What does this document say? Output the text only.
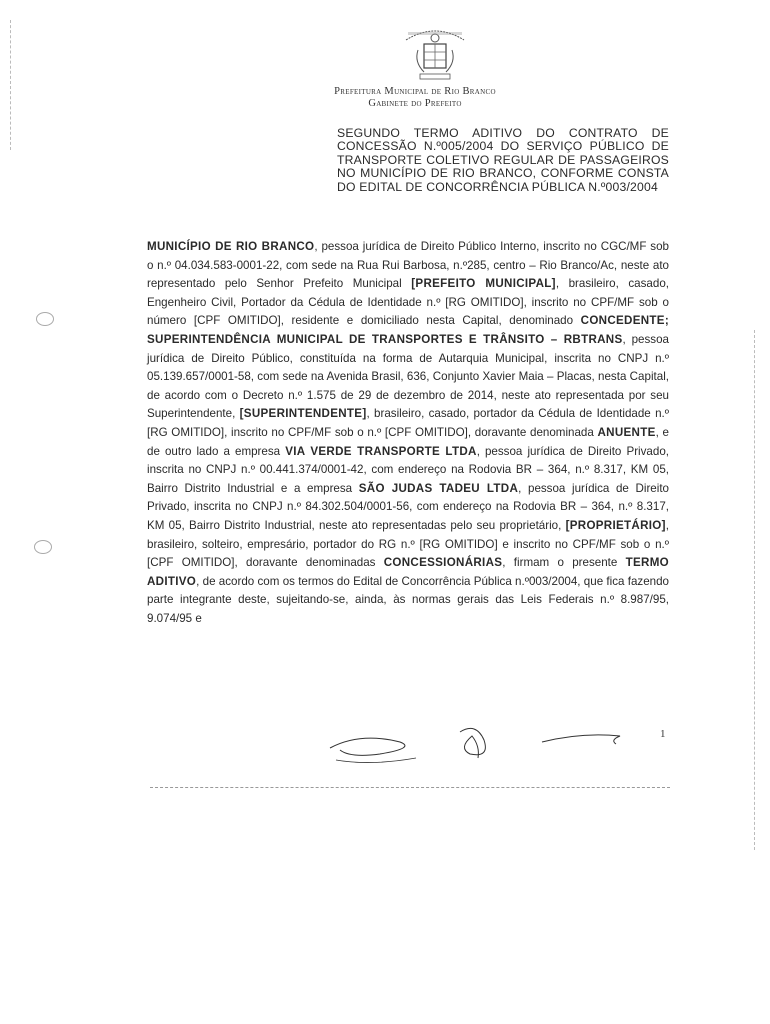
Prefeitura Municipal de Rio Branco
Gabinete do Prefeito
SEGUNDO TERMO ADITIVO DO CONTRATO DE CONCESSÃO N.º005/2004 DO SERVIÇO PÚBLICO DE TRANSPORTE COLETIVO REGULAR DE PASSAGEIROS NO MUNICÍPIO DE RIO BRANCO, CONFORME CONSTA DO EDITAL DE CONCORRÊNCIA PÚBLICA N.º003/2004
MUNICÍPIO DE RIO BRANCO, pessoa jurídica de Direito Público Interno, inscrito no CGC/MF sob o n.º 04.034.583-0001-22, com sede na Rua Rui Barbosa, n.º285, centro – Rio Branco/Ac, neste ato representado pelo Senhor Prefeito Municipal [PREFEITO MUNICIPAL], brasileiro, casado, Engenheiro Civil, Portador da Cédula de Identidade n.º [RG OMITIDO], inscrito no CPF/MF sob o número [CPF OMITIDO], residente e domiciliado nesta Capital, denominado CONCEDENTE; SUPERINTENDÊNCIA MUNICIPAL DE TRANSPORTES E TRÂNSITO – RBTRANS, pessoa jurídica de Direito Público, constituída na forma de Autarquia Municipal, inscrita no CNPJ n.º 05.139.657/0001-58, com sede na Avenida Brasil, 636, Conjunto Xavier Maia – Placas, nesta Capital, de acordo com o Decreto n.º 1.575 de 29 de dezembro de 2014, neste ato representada por seu Superintendente, [SUPERINTENDENTE], brasileiro, casado, portador da Cédula de Identidade n.º [RG OMITIDO], inscrito no CPF/MF sob o n.º [CPF OMITIDO], doravante denominada ANUENTE, e de outro lado a empresa VIA VERDE TRANSPORTE LTDA, pessoa jurídica de Direito Privado, inscrita no CNPJ n.º 00.441.374/0001-42, com endereço na Rodovia BR – 364, n.º 8.317, KM 05, Bairro Distrito Industrial e a empresa SÃO JUDAS TADEU LTDA, pessoa jurídica de Direito Privado, inscrita no CNPJ n.º 84.302.504/0001-56, com endereço na Rodovia BR – 364, n.º 8.317, KM 05, Bairro Distrito Industrial, neste ato representadas pelo seu proprietário, [PROPRIETÁRIO], brasileiro, solteiro, empresário, portador do RG n.º [RG OMITIDO] e inscrito no CPF/MF sob o n.º [CPF OMITIDO], doravante denominadas CONCESSIONÁRIAS, firmam o presente TERMO ADITIVO, de acordo com os termos do Edital de Concorrência Pública n.º003/2004, que fica fazendo parte integrante deste, sujeitando-se, ainda, às normas gerais das Leis Federais n.º 8.987/95, 9.074/95 e
1
